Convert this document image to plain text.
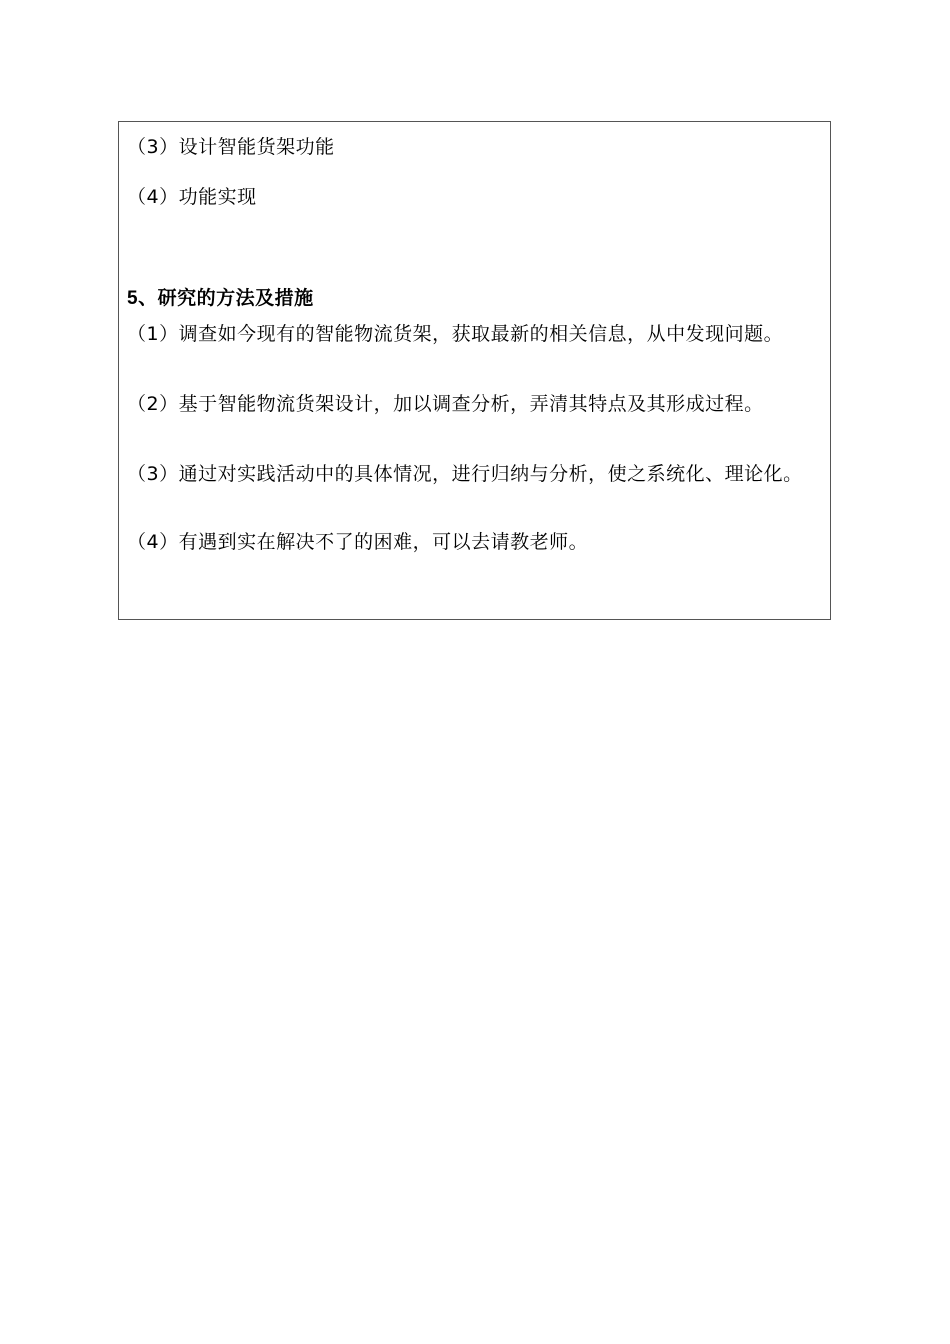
（3）设计智能货架功能
（4）功能实现
5、研究的方法及措施
（1）调查如今现有的智能物流货架，获取最新的相关信息，从中发现问题。
（2）基于智能物流货架设计，加以调查分析，弄清其特点及其形成过程。
（3）通过对实践活动中的具体情况，进行归纳与分析，使之系统化、理论化。
（4）有遇到实在解决不了的困难，可以去请教老师。
